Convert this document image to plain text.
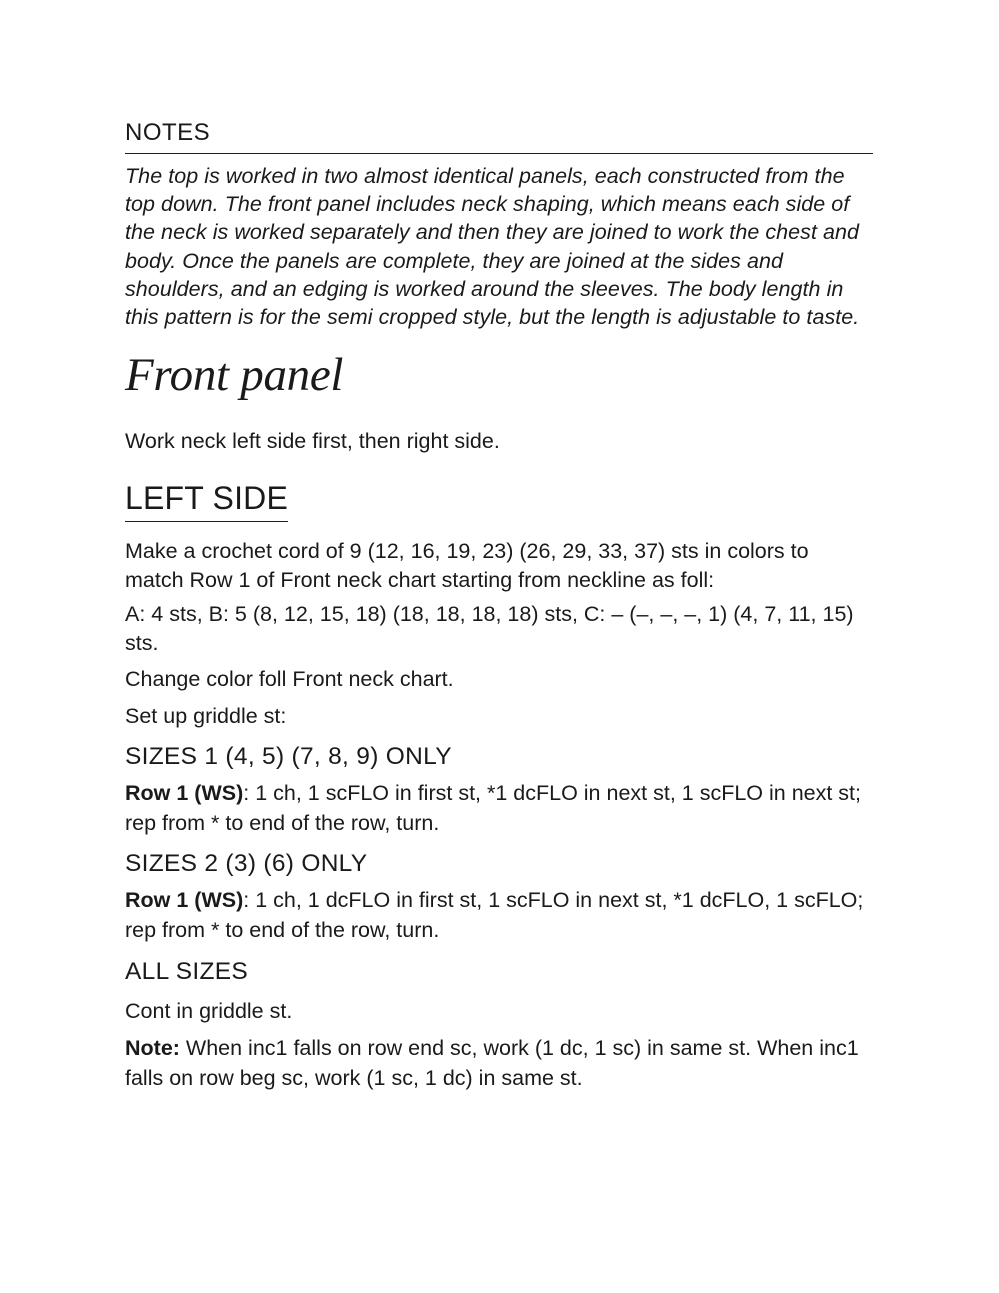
NOTES

The top is worked in two almost identical panels, each constructed from the top down. The front panel includes neck shaping, which means each side of the neck is worked separately and then they are joined to work the chest and body. Once the panels are complete, they are joined at the sides and shoulders, and an edging is worked around the sleeves. The body length in this pattern is for the semi cropped style, but the length is adjustable to taste.

Front panel

Work neck left side first, then right side.

LEFT SIDE

Make a crochet cord of 9 (12, 16, 19, 23) (26, 29, 33, 37) sts in colors to match Row 1 of Front neck chart starting from neckline as foll:

A: 4 sts, B: 5 (8, 12, 15, 18) (18, 18, 18, 18) sts, C: – (–, –, –, 1) (4, 7, 11, 15) sts.

Change color foll Front neck chart.

Set up griddle st:

SIZES 1 (4, 5) (7, 8, 9) ONLY

Row 1 (WS): 1 ch, 1 scFLO in first st, *1 dcFLO in next st, 1 scFLO in next st; rep from * to end of the row, turn.

SIZES 2 (3) (6) ONLY

Row 1 (WS): 1 ch, 1 dcFLO in first st, 1 scFLO in next st, *1 dcFLO, 1 scFLO; rep from * to end of the row, turn.

ALL SIZES

Cont in griddle st.

Note: When inc1 falls on row end sc, work (1 dc, 1 sc) in same st. When inc1 falls on row beg sc, work (1 sc, 1 dc) in same st.
